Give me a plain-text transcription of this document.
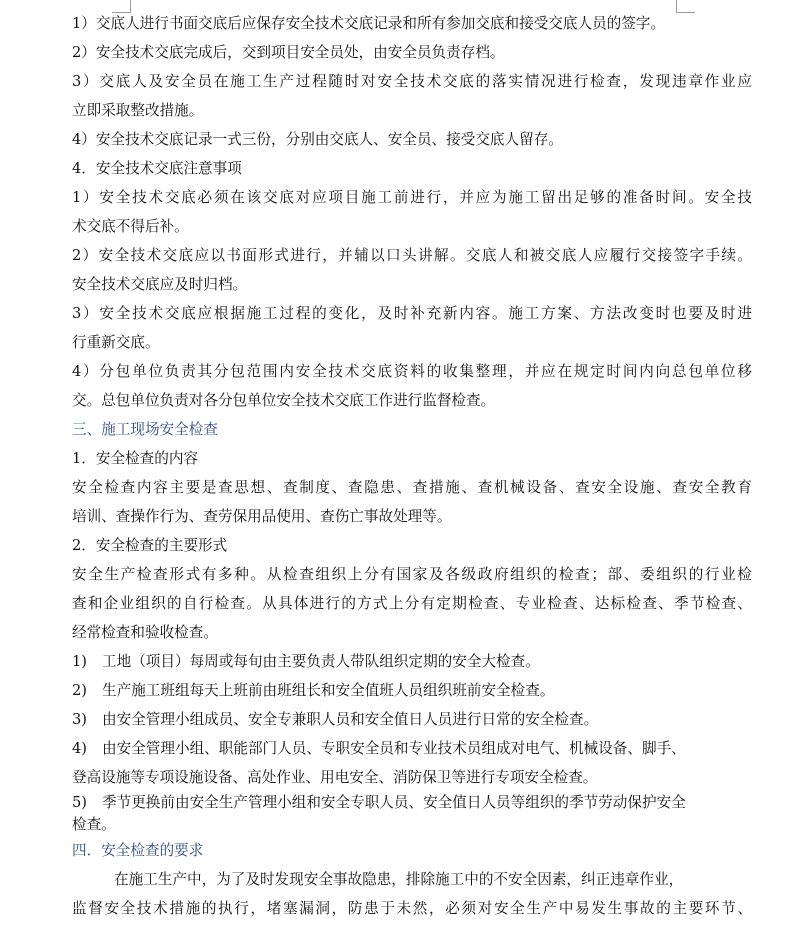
1）交底人进行书面交底后应保存安全技术交底记录和所有参加交底和接受交底人员的签字。
2）安全技术交底完成后，交到项目安全员处，由安全员负责存档。
3）交底人及安全员在施工生产过程随时对安全技术交底的落实情况进行检查，发现违章作业应
立即采取整改措施。
4）安全技术交底记录一式三份，分别由交底人、安全员、接受交底人留存。
4．安全技术交底注意事项
1）安全技术交底必须在该交底对应项目施工前进行，并应为施工留出足够的准备时间。安全技
术交底不得后补。
2）安全技术交底应以书面形式进行，并辅以口头讲解。交底人和被交底人应履行交接签字手续。
安全技术交底应及时归档。
3）安全技术交底应根据施工过程的变化，及时补充新内容。施工方案、方法改变时也要及时进
行重新交底。
4）分包单位负责其分包范围内安全技术交底资料的收集整理，并应在规定时间内向总包单位移
交。总包单位负责对各分包单位安全技术交底工作进行监督检查。
三、施工现场安全检查
1．安全检查的内容
安全检查内容主要是查思想、查制度、查隐患、查措施、查机械设备、查安全设施、查安全教育
培训、查操作行为、查劳保用品使用、查伤亡事故处理等。
2．安全检查的主要形式
安全生产检查形式有多种。从检查组织上分有国家及各级政府组织的检查；部、委组织的行业检
查和企业组织的自行检查。从具体进行的方式上分有定期检查、专业检查、达标检查、季节检查、
经常检查和验收检查。
1) 工地（项目）每周或每旬由主要负责人带队组织定期的安全大检查。
2) 生产施工班组每天上班前由班组长和安全值班人员组织班前安全检查。
3) 由安全管理小组成员、安全专兼职人员和安全值日人员进行日常的安全检查。
4) 由安全管理小组、职能部门人员、专职安全员和专业技术员组成对电气、机械设备、脚手、
登高设施等专项设施设备、高处作业、用电安全、消防保卫等进行专项安全检查。
5) 季节更换前由安全生产管理小组和安全专职人员、安全值日人员等组织的季节劳动保护安全
检查。
四．安全检查的要求
在施工生产中，为了及时发现安全事故隐患，排除施工中的不安全因素，纠正违章作业，
监督安全技术措施的执行，堵塞漏洞，防患于未然，必须对安全生产中易发生事故的主要环节、
